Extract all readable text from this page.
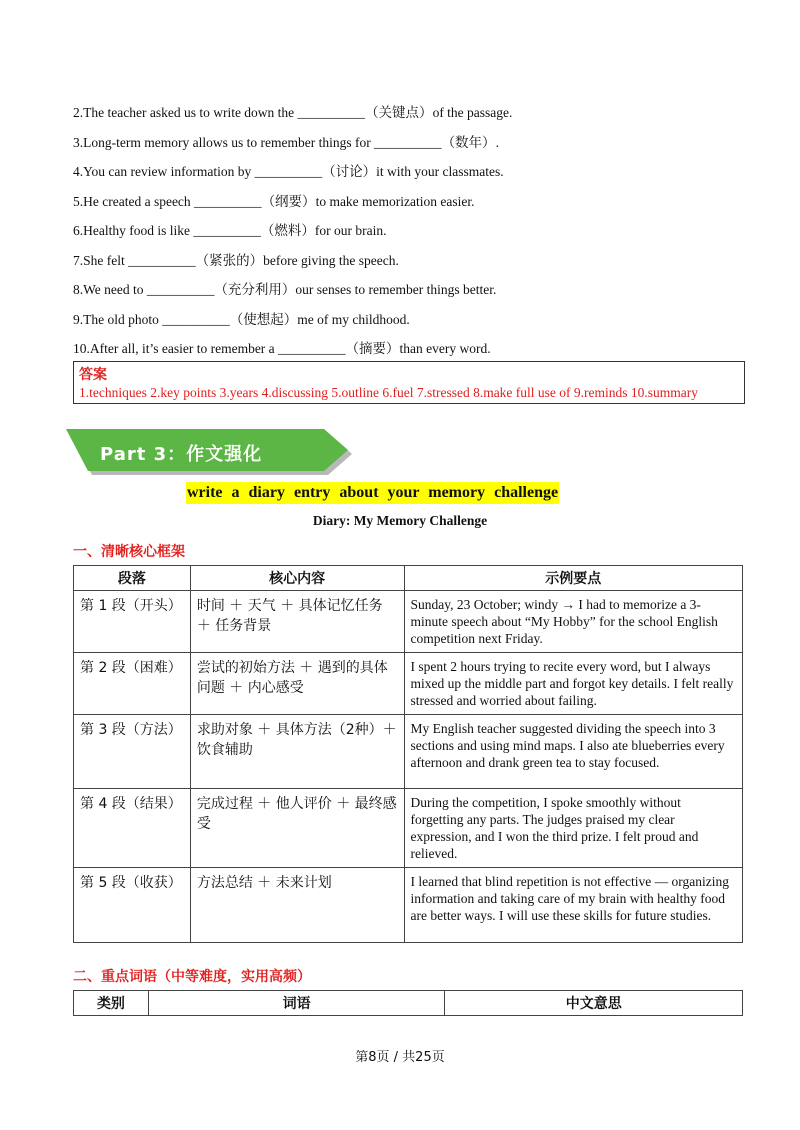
2.The teacher asked us to write down the __________（关键点）of the passage.
3.Long-term memory allows us to remember things for __________（数年）.
4.You can review information by __________（讨论）it with your classmates.
5.He created a speech __________（纲要）to make memorization easier.
6.Healthy food is like __________（燃料）for our brain.
7.She felt __________（紧张的）before giving the speech.
8.We need to __________（充分利用）our senses to remember things better.
9.The old photo __________（使想起）me of my childhood.
10.After all, it’s easier to remember a __________（摘要）than every word.
答案
1.techniques 2.key points 3.years 4.discussing 5.outline 6.fuel 7.stressed 8.make full use of 9.reminds 10.summary
Part 3：作文强化
write a diary entry about your memory challenge
Diary: My Memory Challenge
一、清晰核心框架
段落	核心内容	示例要点
第 1 段（开头）	时间 ＋ 天气 ＋ 具体记忆任务 ＋ 任务背景	Sunday, 23 October; windy → I had to memorize a 3-minute speech about “My Hobby” for the school English competition next Friday.
第 2 段（困难）	尝试的初始方法 ＋ 遇到的具体问题 ＋ 内心感受	I spent 2 hours trying to recite every word, but I always mixed up the middle part and forgot key details. I felt really stressed and worried about failing.
第 3 段（方法）	求助对象 ＋ 具体方法（2种）＋ 饮食辅助	My English teacher suggested dividing the speech into 3 sections and using mind maps. I also ate blueberries every afternoon and drank green tea to stay focused.
第 4 段（结果）	完成过程 ＋ 他人评价 ＋ 最终感受	During the competition, I spoke smoothly without forgetting any parts. The judges praised my clear expression, and I won the third prize. I felt proud and relieved.
第 5 段（收获）	方法总结 ＋ 未来计划	I learned that blind repetition is not effective — organizing information and taking care of my brain with healthy food are better ways. I will use these skills for future studies.
二、重点词语（中等难度，实用高频）
类别	词语	中文意思
第8页 / 共25页
